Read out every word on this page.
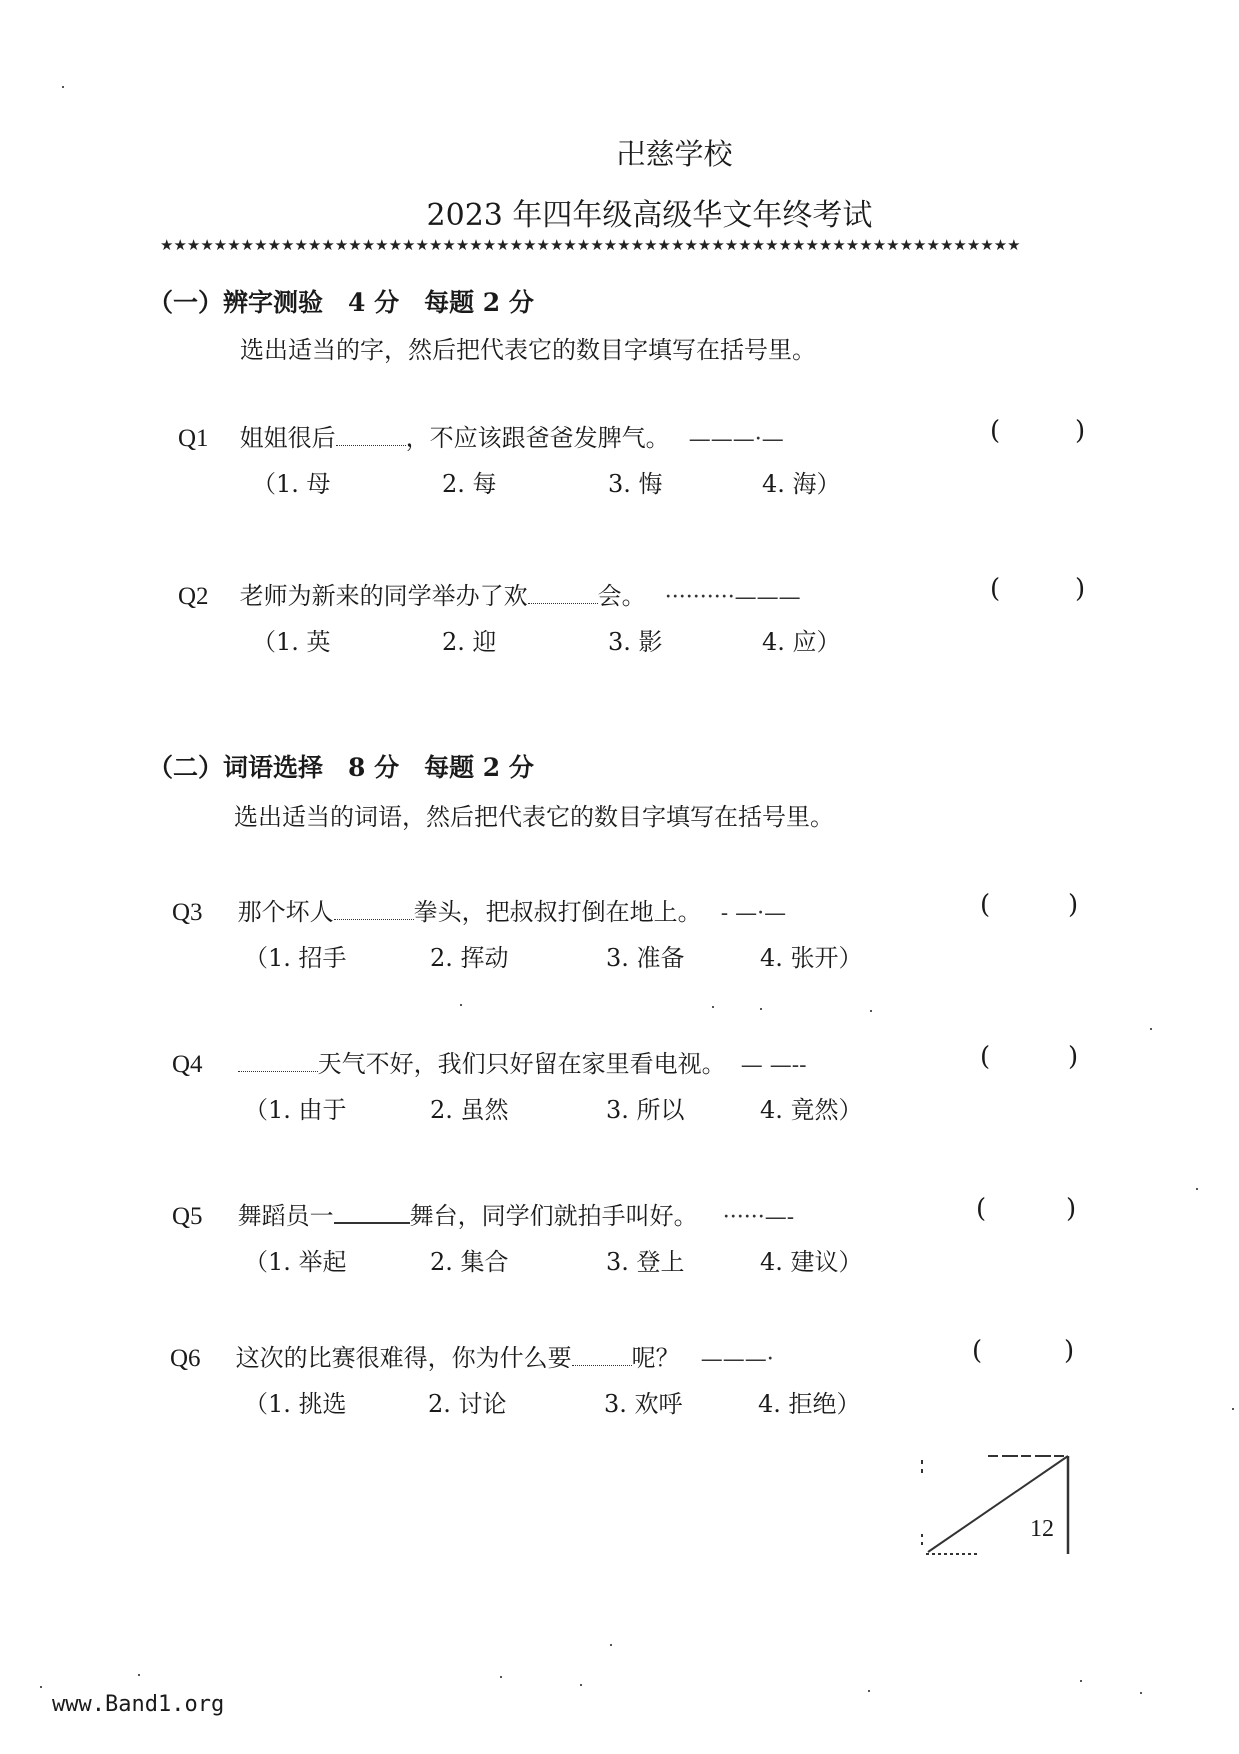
卍慈学校
2023 年四年级高级华文年终考试
★★★★★★★★★★★★★★★★★★★★★★★★★★★★★★★★★★★★★★★★★★★★★★★★★★★★★★★★★★★★★★★★
（一）辨字测验　4 分　每题 2 分
选出适当的字，然后把代表它的数目字填写在括号里。
Q1 姐姐很后	，不应该跟爸爸发脾气。 ———·—	(	)
（1. 母	2. 每	3. 悔	4. 海）
Q2 老师为新来的同学举办了欢	会。 ··········———	(	)
（1. 英	2. 迎	3. 影	4. 应）
（二）词语选择　8 分　每题 2 分
选出适当的词语，然后把代表它的数目字填写在括号里。
Q3 那个坏人	拳头，把叔叔打倒在地上。 - —·—	(	)
（1. 招手	2. 挥动	3. 准备	4. 张开）
Q4	天气不好，我们只好留在家里看电视。 — —--	(	)
（1. 由于	2. 虽然	3. 所以	4. 竟然）
Q5 舞蹈员一	舞台，同学们就拍手叫好。 ······—-	(	)
（1. 举起	2. 集合	3. 登上	4. 建议）
Q6 这次的比赛很难得，你为什么要	呢？ ———·	(	)
（1. 挑选	2. 讨论	3. 欢呼	4. 拒绝）
12
www.Band1.org
